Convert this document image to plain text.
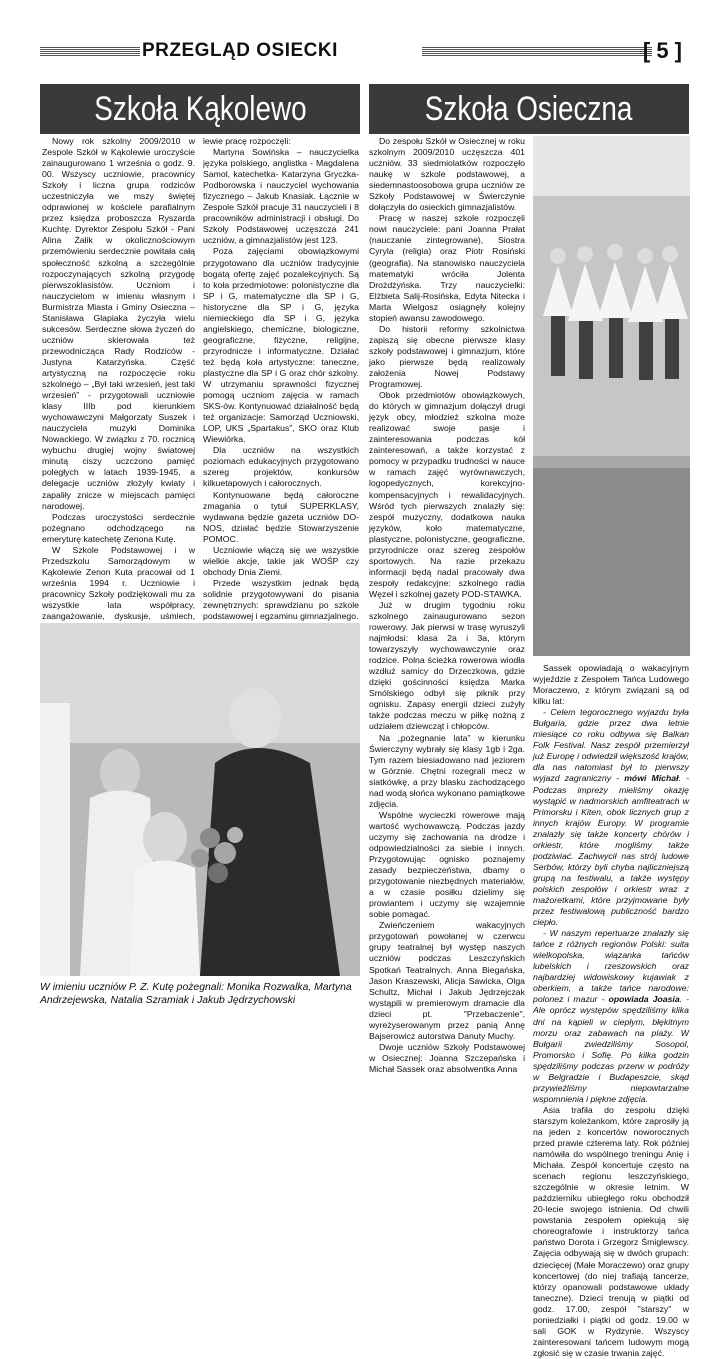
PRZEGLĄD OSIECKI	[ 5 ]
Szkoła Kąkolewo	Szkoła Osieczna

Nowy rok szkolny 2009/2010 w Zespole Szkół w Kąkolewie uroczyście zainaugurowano 1 września o godz. 9. 00. Wszyscy uczniowie, pracownicy Szkoły i liczna grupa rodziców uczestniczyła we mszy świętej odprawionej w kościele parafialnym przez księdza proboszcza Ryszarda Kuchtę. Dyrektor Zespołu Szkół - Pani Alina Żalik w okolicznościowym przemówieniu serdecznie powitała całą społeczność szkolną a szczególnie rozpoczynających szkolną przygodę pierwszoklasistów. Uczniom i nauczycielom w imieniu własnym i Burmistrza Miasta i Gminy Osieczna – Stanisława Glapiaka życzyła wielu sukcesów. Serdeczne słowa życzeń do uczniów skierowała też przewodnicząca Rady Rodziców - Justyna Katarzyńska. Część artystyczną na rozpoczęcie roku szkolnego – „Był taki wrzesień, jest taki wrzesień” - przygotowali uczniowie klasy IIIb pod kierunkiem wychowawczyni Małgorzaty Suszek i nauczyciela muzyki Dominika Nowackiego. W związku z 70. rocznicą wybuchu drugiej wojny światowej minutą ciszy uczczono pamięć poległych w latach 1939-1945, a delegacje uczniów złożyły kwiaty i zapaliły znicze w miejscach pamięci narodowej.

Podczas uroczystości serdecznie pożegnano odchodzącego na emeryturę katechetę Zenona Kutę.

W Szkole Podstawowej i w Przedszkolu Samorządowym w Kąkolewie Zenon Kuta pracował od 1 września 1994 r. Uczniowie i pracownicy Szkoły podziękowali mu za wszystkie lata współpracy, zaangażowanie, dyskusje, uśmiech,

lewie pracę rozpoczęli:

Martyna Sowińska – nauczycielka języka polskiego, anglistka - Magdalena Samol, katechetka- Katarzyna Gryczka-Podborowska i nauczyciel wychowania fizycznego – Jakub Knasiak. Łącznie w Zespole Szkół pracuje 31 nauczycieli i 8 pracowników administracji i obsługi. Do Szkoły Podstawowej uczęszcza 241 uczniów, a gimnazjalistów jest 123.

Poza zajęciami obowiązkowymi przygotowano dla uczniów tradycyjnie bogatą ofertę zajęć pozalekcyjnych. Są to koła przedmiotowe: polonistyczne dla SP i G, matematyczne dla SP i G, historyczne dla SP i G, języka niemieckiego dla SP i G, języka angielskiego, chemiczne, biologiczne, geograficzne, fizyczne, religijne, przyrodnicze i informatyczne. Działać też będą koła artystyczne: taneczne, plastyczne dla SP i G oraz chór szkolny. W utrzymaniu sprawności fizycznej pomogą uczniom zajęcia w ramach SKS-ów. Kontynuować działalność będą też organizacje: Samorząd Uczniowski, LOP, UKS „Spartakus”, SKO oraz Klub Wiewiórka.

Dla uczniów na wszystkich poziomach edukacyjnych przygotowano szereg projektów, konkursów kilkuetapowych i całorocznych.

Kontynuowane będą całoroczne zmagania o tytuł SUPERKLASY, wydawana będzie gazeta uczniów DO-NOS, działać będzie Stowarzyszenie POMOC.

Uczniowie włączą się we wszystkie wielkie akcje, takie jak WOŚP czy obchody Dnia Ziemi.

Przede wszystkim jednak będą solidnie przygotowywani do pisania zewnętrznych: sprawdzianu po szkole podstawowej i egzaminu gimnazjalnego.

W imieniu uczniów P. Z. Kutę pożegnali: Monika Rozwalka, Martyna Andrzejewska, Natalia Szramiak i Jakub Jędrzychowski

Do zespołu Szkół w Osiecznej w roku szkolnym 2009/2010 uczęszcza 401 uczniów. 33 siedmiolatków rozpoczęło naukę w szkole podstawowej, a siedemnastoosobowa grupa uczniów ze Szkoły Podstawowej w Świerczynie dołączyła do osieckich gimnazjalistów.

Pracę w naszej szkole rozpoczęli nowi nauczyciele: pani Joanna Prałat (nauczanie zintegrowane), Siostra Cyryla (religia) oraz Piotr Rosiński (geografia). Na stanowisko nauczyciela matematyki wróciła Jolenta Drożdżyńska. Trzy nauczycielki: Elżbieta Salij-Rosińska, Edyta Nitecka i Marta Wielgosz osiągnęły kolejny stopień awansu zawodowego.

Do historii reformy szkolnictwa zapiszą się obecne pierwsze klasy szkoły podstawowej i gimnazjum, które jako pierwsze będą realizowały założenia Nowej Podstawy Programowej.

Obok przedmiotów obowiązkowych, do których w gimnazjum dołączył drugi język obcy, młodzież szkolna może realizować swoje pasje i zainteresowania podczas kół zainteresowań, a także korzystać z pomocy w przypadku trudności w nauce w ramach zajęć wyrównawczych, logopedycznych, korekcyjno-kompensacyjnych i rewalidacyjnych. Wśród tych pierwszych znalazły się: zespół muzyczny, dodatkowa nauka języków, koło matematyczne, plastyczne, polonistyczne, geograficzne, przyrodnicze oraz szereg zespołów sportowych. Na razie przekazu informacji będą nadal pracowały dwa zespoły redakcyjne: szkolnego radia Węzeł i szkolnej gazety POD-STAWKA.

Już w drugim tygodniu roku szkolnego zainaugurowano sezon rowerowy. Jak pierwsi w trasę wyruszyli najmłodsi: klasa 2a i 3a, którym towarzyszyły wychowawczynie oraz rodzice. Polna ścieżka rowerowa wiodła wzdłuż samicy do Drzeczkowa, gdzie dzięki gościnności księdza Marka Smólskiego odbył się piknik przy ognisku. Zapasy energii dzieci zużyły także podczas meczu w piłkę nożną z udziałem dziewcząt i chłopców.

Na „pożegnanie lata” w kierunku Świerczyny wybrały się klasy 1gb i 2ga. Tym razem biesiadowano nad jeziorem w Górznie. Chętni rozegrali mecz w siatkówkę, a przy blasku zachodzącego nad wodą słońca wykonano pamiątkowe zdjęcia.

Wspólne wycieczki rowerowe mają wartość wychowawczą. Podczas jazdy uczymy się zachowania na drodze i odpowiedzialności za siebie i innych. Przygotowując ognisko poznajemy zasady bezpieczeństwa, dbamy o przygotowanie niezbędnych materiałów, a w czasie posiłku dzielimy się prowiantem i uczymy się wzajemnie sobie pomagać.

Zwieńczeniem wakacyjnych przygotowań powołanej w czerwcu grupy teatralnej był występ naszych uczniów podczas Leszczyńskich Spotkań Teatralnych. Anna Biegańska, Jason Kraszewski, Alicja Sawicka, Olga Schultz, Michał i Jakub Jędrzejczak wystąpili w premierowym dramacie dla dzieci pt. "Przebaczenie", wyreżyserowanym przez panią Annę Bajserowicz autorstwa Danuty Muchy.

Dwoje uczniów Szkoły Podstawowej w Osiecznej: Joanna Szczepańska i Michał Sassek oraz absolwentka Anna

Sassek opowiadają o wakacyjnym wyjeździe z Zespołem Tańca Ludowego Moraczewo, z którym związani są od kilku lat:

- Celem tegorocznego wyjazdu była Bułgaria, gdzie przez dwa letnie miesiące co roku odbywa się Balkan Folk Festival. Nasz zespół przemierzył już Europę i odwiedził większość krajów, dla nas natomiast był to pierwszy wyjazd zagraniczny - mówi Michał. - Podczas imprezy mieliśmy okazję wystąpić w nadmorskich amfiteatrach w Primorsku i Kiten, obok licznych grup z innych krajów Europy. W programie znalazły się także koncerty chórów i orkiestr, które mogliśmy także podziwiać. Zachwycił nas strój ludowe Serbów, którzy byli chyba najliczniejszą grupą na festiwalu, a także występy polskich zespołów i orkiestr wraz z mażoretkami, które przyjmowane były przez festiwalową publiczność bardzo ciepło.

- W naszym repertuarze znalazły się tańce z różnych regionów Polski: suita wielkopolska, wiązanka tańców lubelskich i rzeszowskich oraz najbardziej widowiskowy kujawiak z oberkiem, a także tańce narodowe: polonez i mazur - opowiada Joasia. - Ale oprócz występów spędziliśmy klika dni na kąpieli w ciepłym, błękitnym morzu oraz zabawach na plaży. W Bułgarii zwiedziliśmy Sosopol, Promorsko i Sofię. Po kilka godzin spędziliśmy podczas przerw w podróży w Belgradzie i Budapeszcie, skąd przywieźliśmy niepowtarzalne wspomnienia i piękne zdjęcia.

Asia trafiła do zespołu dzięki starszym koleżankom, które zaprosiły ją na jeden z koncertów noworocznych przed prawie czterema laty. Rok później namówiła do wspólnego treningu Anię i Michała. Zespół koncertuje często na scenach regionu leszczyńskiego, szczególnie w okresie letnim. W październiku ubiegłego roku obchodził 20-lecie swojego istnienia. Od chwili powstania zespołem opiekują się choreografowie i instruktorzy tańca państwo Dorota i Grzegorz Śmiglewscy. Zajęcia odbywają się w dwóch grupach: dziecięcej (Małe Moraczewo) oraz grupy koncertowej (do niej trafiają tancerze, którzy opanowali podstawowe układy taneczne). Dzieci trenują w piątki od godz. 17.00, zespół "starszy" w poniedziałki i piątki od godz. 19.00 w sali GOK w Rydzynie. Wszyscy zainteresowani tańcem ludowym mogą zgłosić się w czasie trwania zajęć.
